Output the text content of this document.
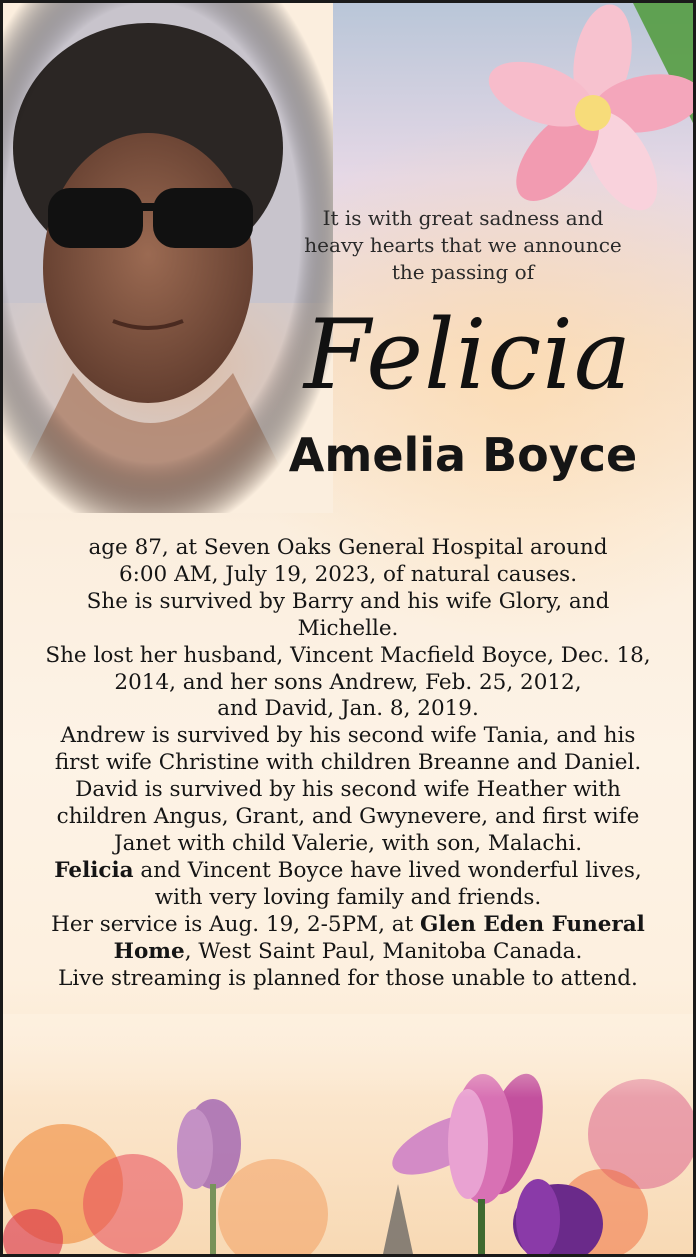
It is with great sadness and
heavy hearts that we announce
the passing of
Felicia
Amelia Boyce

age 87, at Seven Oaks General Hospital around

6:00 AM, July 19, 2023, of natural causes.

She is survived by Barry and his wife Glory, and

Michelle.

She lost her husband, Vincent Macfield Boyce, Dec. 18,

2014, and her sons Andrew, Feb. 25, 2012,

and David, Jan. 8, 2019.

Andrew is survived by his second wife Tania, and his

first wife Christine with children Breanne and Daniel.

David is survived by his second wife Heather with

children Angus, Grant, and Gwynevere, and first wife

Janet with child Valerie, with son, Malachi.

Felicia and Vincent Boyce have lived wonderful lives,

with very loving family and friends.

Her service is Aug. 19, 2-5PM, at Glen Eden Funeral

Home, West Saint Paul, Manitoba Canada.

Live streaming is planned for those unable to attend.
